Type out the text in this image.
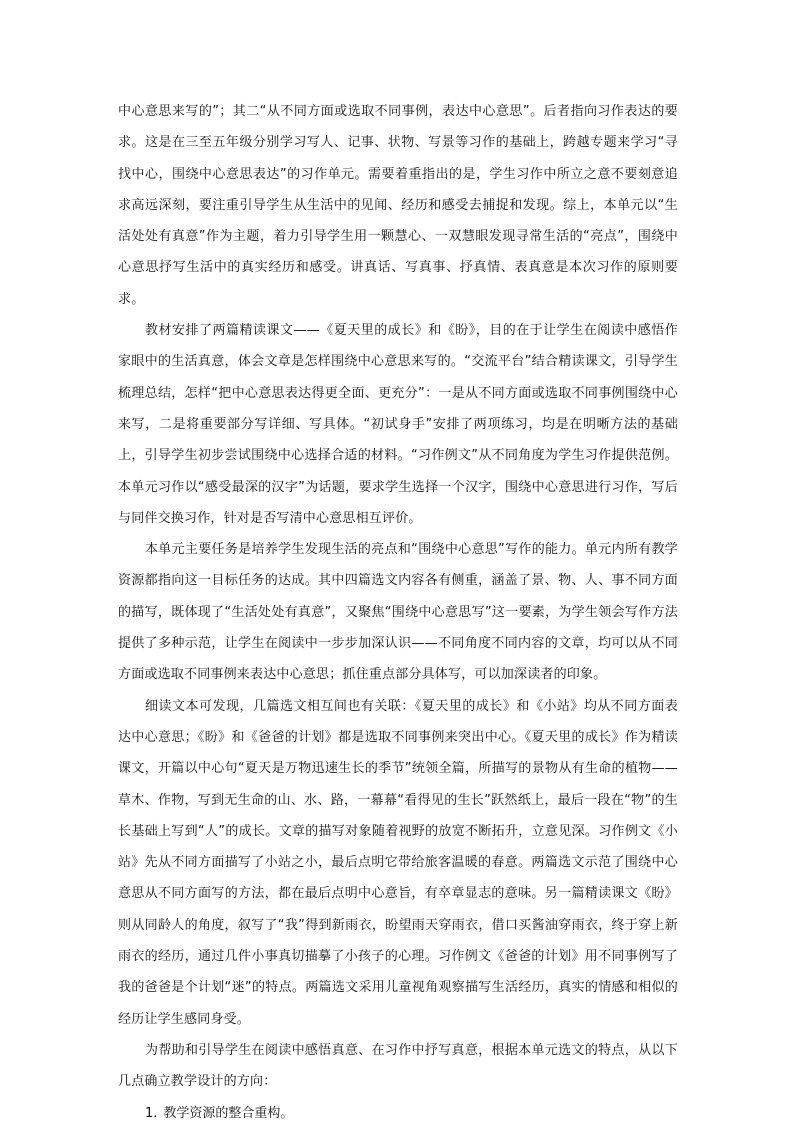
中心意思来写的”；其二“从不同方面或选取不同事例，表达中心意思”。后者指向习作表达的要求。这是在三至五年级分别学习写人、记事、状物、写景等习作的基础上，跨越专题来学习“寻找中心，围绕中心意思表达”的习作单元。需要着重指出的是，学生习作中所立之意不要刻意追求高远深刻，要注重引导学生从生活中的见闻、经历和感受去捕捉和发现。综上，本单元以“生活处处有真意”作为主题，着力引导学生用一颗慧心、一双慧眼发现寻常生活的“亮点”，围绕中心意思抒写生活中的真实经历和感受。讲真话、写真事、抒真情、表真意是本次习作的原则要求。

教材安排了两篇精读课文——《夏天里的成长》和《盼》，目的在于让学生在阅读中感悟作家眼中的生活真意，体会文章是怎样围绕中心意思来写的。“交流平台”结合精读课文，引导学生梳理总结，怎样“把中心意思表达得更全面、更充分”：一是从不同方面或选取不同事例围绕中心来写，二是将重要部分写详细、写具体。“初试身手”安排了两项练习，均是在明晰方法的基础上，引导学生初步尝试围绕中心选择合适的材料。“习作例文”从不同角度为学生习作提供范例。本单元习作以“感受最深的汉字”为话题，要求学生选择一个汉字，围绕中心意思进行习作，写后与同伴交换习作，针对是否写清中心意思相互评价。

本单元主要任务是培养学生发现生活的亮点和“围绕中心意思”写作的能力。单元内所有教学资源都指向这一目标任务的达成。其中四篇选文内容各有侧重，涵盖了景、物、人、事不同方面的描写，既体现了“生活处处有真意”，又聚焦“围绕中心意思写”这一要素，为学生领会写作方法提供了多种示范，让学生在阅读中一步步加深认识——不同角度不同内容的文章，均可以从不同方面或选取不同事例来表达中心意思；抓住重点部分具体写，可以加深读者的印象。

细读文本可发现，几篇选文相互间也有关联：《夏天里的成长》和《小站》均从不同方面表达中心意思；《盼》和《爸爸的计划》都是选取不同事例来突出中心。《夏天里的成长》作为精读课文，开篇以中心句“夏天是万物迅速生长的季节”统领全篇，所描写的景物从有生命的植物——草木、作物，写到无生命的山、水、路，一幕幕“看得见的生长”跃然纸上，最后一段在“物”的生长基础上写到“人”的成长。文章的描写对象随着视野的放宽不断拓升，立意见深。习作例文《小站》先从不同方面描写了小站之小，最后点明它带给旅客温暖的春意。两篇选文示范了围绕中心意思从不同方面写的方法，都在最后点明中心意旨，有卒章显志的意味。另一篇精读课文《盼》则从同龄人的角度，叙写了“我”得到新雨衣，盼望雨天穿雨衣，借口买酱油穿雨衣，终于穿上新雨衣的经历，通过几件小事真切描摹了小孩子的心理。习作例文《爸爸的计划》用不同事例写了我的爸爸是个计划“迷”的特点。两篇选文采用儿童视角观察描写生活经历，真实的情感和相似的经历让学生感同身受。

为帮助和引导学生在阅读中感悟真意、在习作中抒写真意，根据本单元选文的特点，从以下几点确立教学设计的方向：

1. 教学资源的整合重构。
